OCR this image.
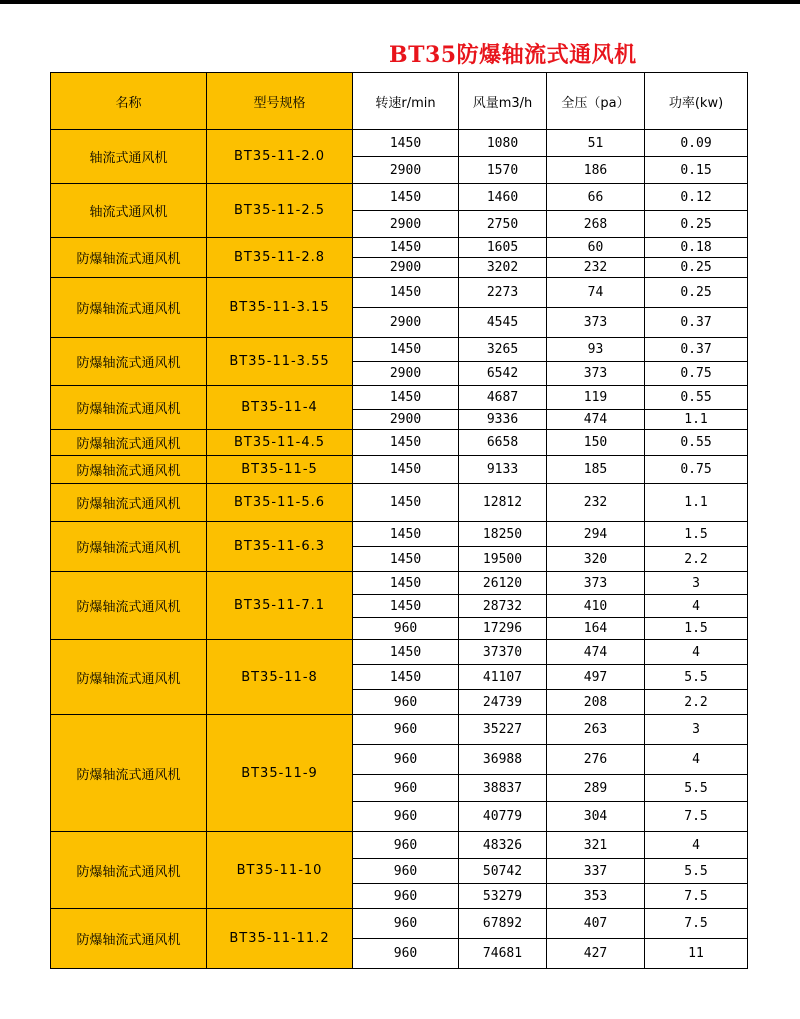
BT35防爆轴流式通风机
名称	型号规格	转速r/min	风量m3/h	全压（pa）	功率(kw)
轴流式通风机	BT35-11-2.0	1450	1080	51	0.09
		2900	1570	186	0.15
轴流式通风机	BT35-11-2.5	1450	1460	66	0.12
		2900	2750	268	0.25
防爆轴流式通风机	BT35-11-2.8	1450	1605	60	0.18
		2900	3202	232	0.25
防爆轴流式通风机	BT35-11-3.15	1450	2273	74	0.25
		2900	4545	373	0.37
防爆轴流式通风机	BT35-11-3.55	1450	3265	93	0.37
		2900	6542	373	0.75
防爆轴流式通风机	BT35-11-4	1450	4687	119	0.55
		2900	9336	474	1.1
防爆轴流式通风机	BT35-11-4.5	1450	6658	150	0.55
防爆轴流式通风机	BT35-11-5	1450	9133	185	0.75
防爆轴流式通风机	BT35-11-5.6	1450	12812	232	1.1
防爆轴流式通风机	BT35-11-6.3	1450	18250	294	1.5
		1450	19500	320	2.2
防爆轴流式通风机	BT35-11-7.1	1450	26120	373	3
		1450	28732	410	4
		960	17296	164	1.5
防爆轴流式通风机	BT35-11-8	1450	37370	474	4
		1450	41107	497	5.5
		960	24739	208	2.2
防爆轴流式通风机	BT35-11-9	960	35227	263	3
		960	36988	276	4
		960	38837	289	5.5
		960	40779	304	7.5
防爆轴流式通风机	BT35-11-10	960	48326	321	4
		960	50742	337	5.5
		960	53279	353	7.5
防爆轴流式通风机	BT35-11-11.2	960	67892	407	7.5
		960	74681	427	11
